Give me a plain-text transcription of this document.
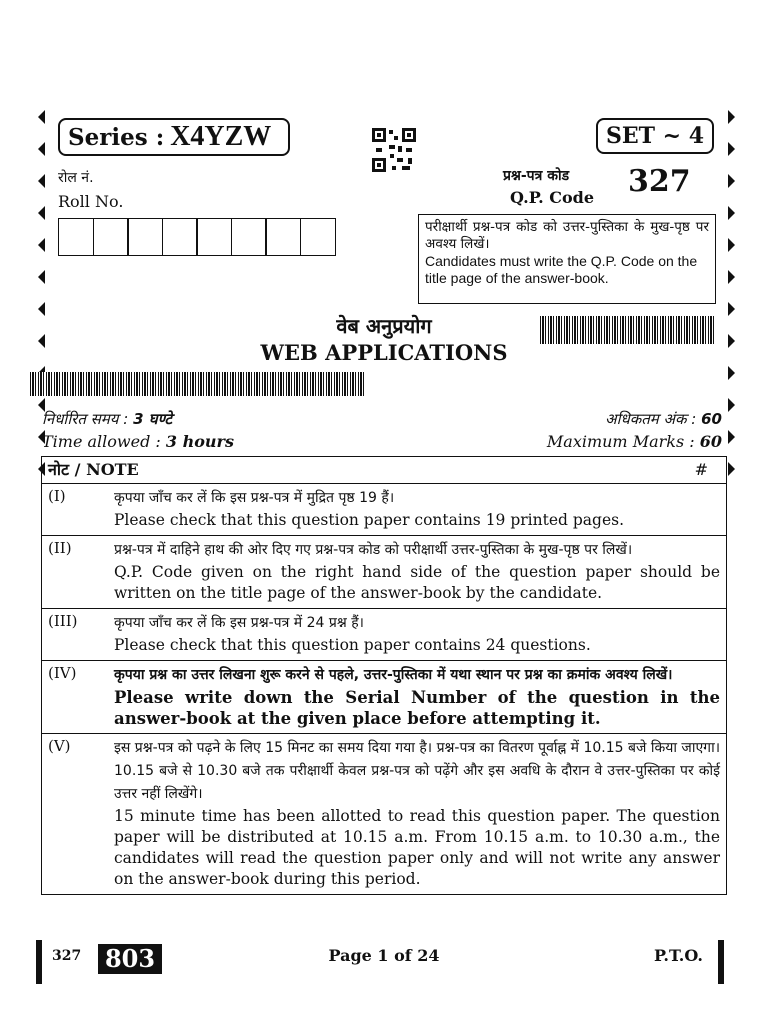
Series : X4YZW	SET ~ 4
रोल नं.
Roll No.
प्रश्न-पत्र कोड
Q.P. Code 327
परीक्षार्थी प्रश्न-पत्र कोड को उत्तर-पुस्तिका के मुख-पृष्ठ पर अवश्य लिखें।
Candidates must write the Q.P. Code on the title page of the answer-book.
वेब अनुप्रयोग
WEB APPLICATIONS
निर्धारित समय : 3 घण्टे
Time allowed : 3 hours
अधिकतम अंक : 60
Maximum Marks : 60
नोट / NOTE	#
(I)	कृपया जाँच कर लें कि इस प्रश्न-पत्र में मुद्रित पृष्ठ 19 हैं।
Please check that this question paper contains 19 printed pages.
(II)	प्रश्न-पत्र में दाहिने हाथ की ओर दिए गए प्रश्न-पत्र कोड को परीक्षार्थी उत्तर-पुस्तिका के मुख-पृष्ठ पर लिखें।
Q.P. Code given on the right hand side of the question paper should be written on the title page of the answer-book by the candidate.
(III)	कृपया जाँच कर लें कि इस प्रश्न-पत्र में 24 प्रश्न हैं।
Please check that this question paper contains 24 questions.
(IV)	कृपया प्रश्न का उत्तर लिखना शुरू करने से पहले, उत्तर-पुस्तिका में यथा स्थान पर प्रश्न का क्रमांक अवश्य लिखें।
Please write down the Serial Number of the question in the answer-book at the given place before attempting it.
(V)	इस प्रश्न-पत्र को पढ़ने के लिए 15 मिनट का समय दिया गया है। प्रश्न-पत्र का वितरण पूर्वाह्न में 10.15 बजे किया जाएगा। 10.15 बजे से 10.30 बजे तक परीक्षार्थी केवल प्रश्न-पत्र को पढ़ेंगे और इस अवधि के दौरान वे उत्तर-पुस्तिका पर कोई उत्तर नहीं लिखेंगे।
15 minute time has been allotted to read this question paper. The question paper will be distributed at 10.15 a.m. From 10.15 a.m. to 10.30 a.m., the candidates will read the question paper only and will not write any answer on the answer-book during this period.
327 803	Page 1 of 24	P.T.O.
